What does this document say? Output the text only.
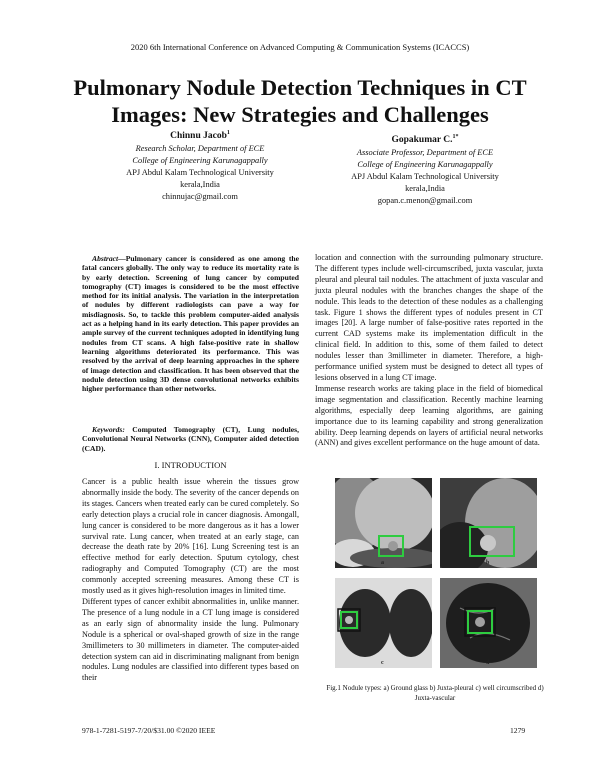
2020 6th International Conference on Advanced Computing & Communication Systems (ICACCS)
Pulmonary Nodule Detection Techniques in CT Images: New Strategies and Challenges
Chinnu Jacob$^1$
Research Scholar, Department of ECE
College of Engineering Karunagappally
APJ Abdul Kalam Technological University
kerala,India
chinnujac@gmail.com
Gopakumar C.$^{1*}$
Associate Professor, Department of ECE
College of Engineering Karunagappally
APJ Abdul Kalam Technological University
kerala,India
gopan.c.menon@gmail.com
Abstract—Pulmonary cancer is considered as one among the fatal cancers globally. The only way to reduce its mortality rate is by early detection. Screening of lung cancer by computed tomography (CT) images is considered to be the most effective method for its initial analysis. The variation in the interpretation of nodules by different radiologists can pave a way for misdiagnosis. So, to tackle this problem computer-aided analysis act as a helping hand in its early detection. This paper provides an ample survey of the current techniques adopted in identifying lung nodules from CT scans. A high false-positive rate in shallow learning algorithms deteriorated its performance. This was resolved by the arrival of deep learning approaches in the sphere of image detection and classification. It has been observed that the nodule detection using 3D dense convolutional networks exhibits higher performance than other networks.
Keywords: Computed Tomography (CT), Lung nodules, Convolutional Neural Networks (CNN), Computer aided detection (CAD).
I. INTRODUCTION

Cancer is a public health issue wherein the tissues grow abnormally inside the body. The severity of the cancer depends on its stages. Cancers when treated early can be cured completely. So early detection plays a crucial role in cancer diagnosis. Amongall, lung cancer is considered to be more dangerous as it has a lower survival rate. Lung cancer, when treated at an early stage, can decrease the death rate by 20% [16]. Lung Screening test is an effective method for early detection. Sputum cytology, chest radiography and Computed Tomography (CT) are the most commonly accepted screening measures. Among these CT is mostly used as it gives high-resolution images in limited time.

Different types of cancer exhibit abnormalities in, unlike manner. The presence of a lung nodule in a CT lung image is considered as an early sign of abnormality inside the lung. Pulmonary Nodule is a spherical or oval-shaped growth of size in the range 3millimeters to 30 millimeters in diameter. The computer-aided detection system can aid in discriminating malignant from benign nodules. Lung nodules are classified into different types based on their

location and connection with the surrounding pulmonary structure. The different types include well-circumscribed, juxta vascular, juxta pleural and pleural tail nodules. The attachment of juxta vascular and juxta pleural nodules with the branches changes the shape of the nodule. This leads to the detection of these nodules as a challenging task. Figure 1 shows the different types of nodules present in CT images [20]. A large number of false-positive rates reported in the current CAD systems make its implementation difficult in the clinical field. In addition to this, some of them failed to detect nodules lesser than 3millimeter in diameter. Therefore, a high-performance unified system must be designed to detect all types of lesions observed in a lung CT image.

Immense research works are taking place in the field of biomedical image segmentation and classification. Recently machine learning algorithms, especially deep learning algorithms, are gaining importance due to its learning capability and strong generalization ability. Deep learning depends on layers of artificial neural networks (ANN) and gives excellent performance on the huge amount of data.

a	b
c	d
Fig.1 Nodule types: a) Ground glass b) Juxta-pleural c) well circumscribed d) Juxta-vascular
978-1-7281-5197-7/20/$31.00 ©2020 IEEE	1279
